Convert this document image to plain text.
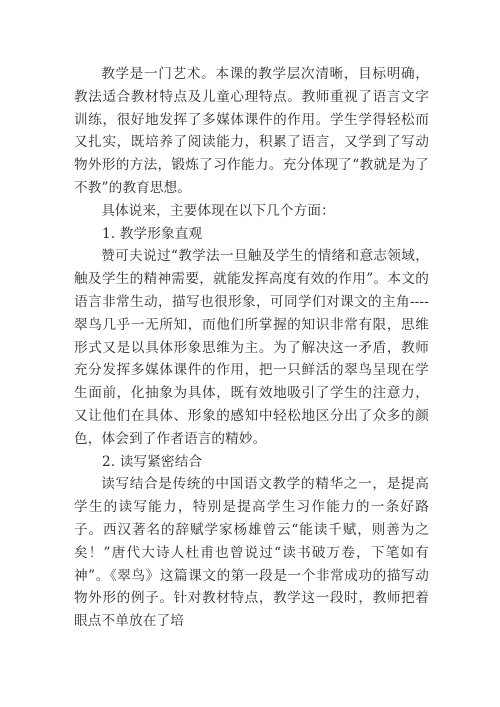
教学是一门艺术。本课的教学层次清晰，目标明确，教法适合教材特点及儿童心理特点。教师重视了语言文字训练，很好地发挥了多媒体课件的作用。学生学得轻松而又扎实，既培养了阅读能力，积累了语言，又学到了写动物外形的方法，锻炼了习作能力。充分体现了“教就是为了不教”的教育思想。

具体说来，主要体现在以下几个方面：

1. 教学形象直观

赞可夫说过“教学法一旦触及学生的情绪和意志领域，触及学生的精神需要，就能发挥高度有效的作用”。本文的语言非常生动，描写也很形象，可同学们对课文的主角----翠鸟几乎一无所知，而他们所掌握的知识非常有限，思维形式又是以具体形象思维为主。为了解决这一矛盾，教师充分发挥多媒体课件的作用，把一只鲜活的翠鸟呈现在学生面前，化抽象为具体，既有效地吸引了学生的注意力，又让他们在具体、形象的感知中轻松地区分出了众多的颜色，体会到了作者语言的精妙。

2. 读写紧密结合

读写结合是传统的中国语文教学的精华之一，是提高学生的读写能力，特别是提高学生习作能力的一条好路子。西汉著名的辞赋学家杨雄曾云“能读千赋，则善为之矣！”唐代大诗人杜甫也曾说过“读书破万卷，下笔如有神”。《翠鸟》这篇课文的第一段是一个非常成功的描写动物外形的例子。针对教材特点，教学这一段时，教师把着眼点不单放在了培
